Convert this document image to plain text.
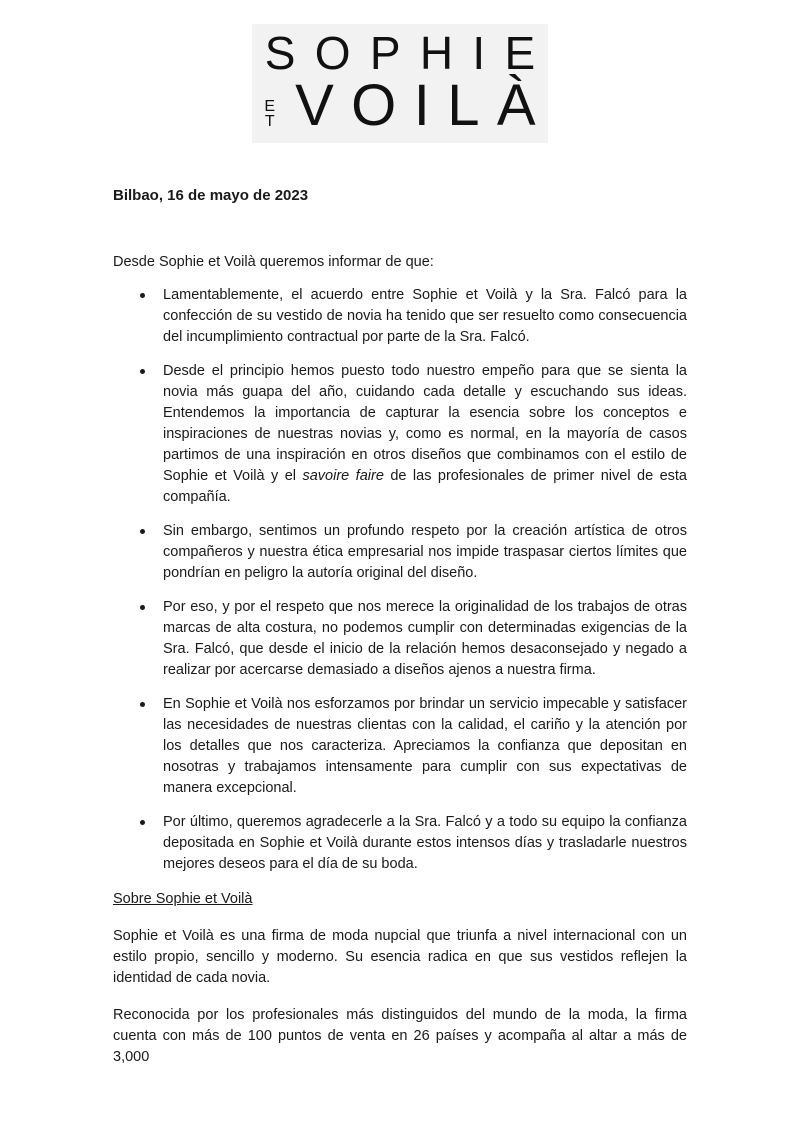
SOPHIE
E
T VOILÀ

Bilbao, 16 de mayo de 2023

Desde Sophie et Voilà queremos informar de que:

Lamentablemente, el acuerdo entre Sophie et Voilà y la Sra. Falcó para la confección de su vestido de novia ha tenido que ser resuelto como consecuencia del incumplimiento contractual por parte de la Sra. Falcó.
Desde el principio hemos puesto todo nuestro empeño para que se sienta la novia más guapa del año, cuidando cada detalle y escuchando sus ideas. Entendemos la importancia de capturar la esencia sobre los conceptos e inspiraciones de nuestras novias y, como es normal, en la mayoría de casos partimos de una inspiración en otros diseños que combinamos con el estilo de Sophie et Voilà y el savoire faire de las profesionales de primer nivel de esta compañía.
Sin embargo, sentimos un profundo respeto por la creación artística de otros compañeros y nuestra ética empresarial nos impide traspasar ciertos límites que pondrían en peligro la autoría original del diseño.
Por eso, y por el respeto que nos merece la originalidad de los trabajos de otras marcas de alta costura, no podemos cumplir con determinadas exigencias de la Sra. Falcó, que desde el inicio de la relación hemos desaconsejado y negado a realizar por acercarse demasiado a diseños ajenos a nuestra firma.
En Sophie et Voilà nos esforzamos por brindar un servicio impecable y satisfacer las necesidades de nuestras clientas con la calidad, el cariño y la atención por los detalles que nos caracteriza. Apreciamos la confianza que depositan en nosotras y trabajamos intensamente para cumplir con sus expectativas de manera excepcional.
Por último, queremos agradecerle a la Sra. Falcó y a todo su equipo la confianza depositada en Sophie et Voilà durante estos intensos días y trasladarle nuestros mejores deseos para el día de su boda.

Sobre Sophie et Voilà

Sophie et Voilà es una firma de moda nupcial que triunfa a nivel internacional con un estilo propio, sencillo y moderno. Su esencia radica en que sus vestidos reflejen la identidad de cada novia.

Reconocida por los profesionales más distinguidos del mundo de la moda, la firma cuenta con más de 100 puntos de venta en 26 países y acompaña al altar a más de 3,000
